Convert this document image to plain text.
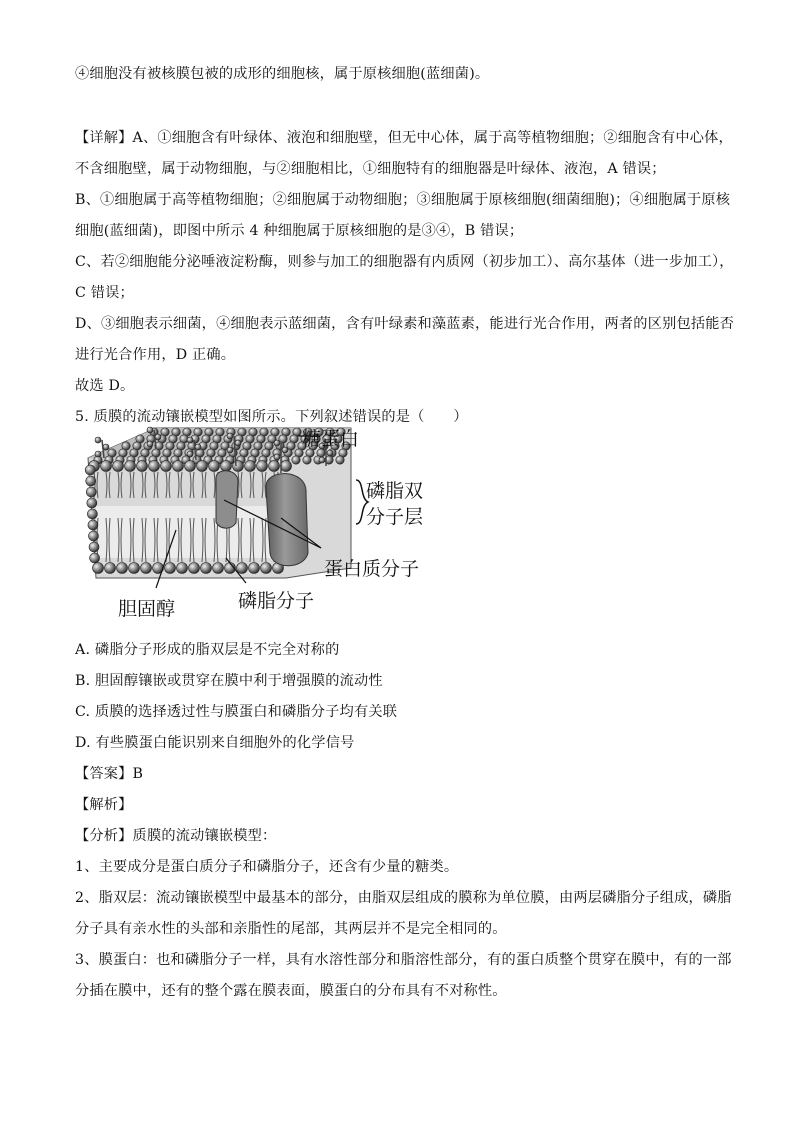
④细胞没有被核膜包被的成形的细胞核，属于原核细胞(蓝细菌)。
【详解】A、①细胞含有叶绿体、液泡和细胞壁，但无中心体，属于高等植物细胞；②细胞含有中心体，
不含细胞壁，属于动物细胞，与②细胞相比，①细胞特有的细胞器是叶绿体、液泡，A 错误；
B、①细胞属于高等植物细胞；②细胞属于动物细胞；③细胞属于原核细胞(细菌细胞)；④细胞属于原核
细胞(蓝细菌)，即图中所示 4 种细胞属于原核细胞的是③④，B 错误；
C、若②细胞能分泌唾液淀粉酶，则参与加工的细胞器有内质网（初步加工）、高尔基体（进一步加工），
C 错误；
D、③细胞表示细菌，④细胞表示蓝细菌，含有叶绿素和藻蓝素，能进行光合作用，两者的区别包括能否
进行光合作用，D 正确。
故选 D。
5. 质膜的流动镶嵌模型如图所示。下列叙述错误的是（　　）
糖蛋白
磷脂双
分子层
蛋白质分子
胆固醇	磷脂分子
A. 磷脂分子形成的脂双层是不完全对称的
B. 胆固醇镶嵌或贯穿在膜中利于增强膜的流动性
C. 质膜的选择透过性与膜蛋白和磷脂分子均有关联
D. 有些膜蛋白能识别来自细胞外的化学信号
【答案】B
【解析】
【分析】质膜的流动镶嵌模型：
1、主要成分是蛋白质分子和磷脂分子，还含有少量的糖类。
2、脂双层：流动镶嵌模型中最基本的部分，由脂双层组成的膜称为单位膜，由两层磷脂分子组成，磷脂
分子具有亲水性的头部和亲脂性的尾部，其两层并不是完全相同的。
3、膜蛋白：也和磷脂分子一样，具有水溶性部分和脂溶性部分，有的蛋白质整个贯穿在膜中，有的一部
分插在膜中，还有的整个露在膜表面，膜蛋白的分布具有不对称性。
